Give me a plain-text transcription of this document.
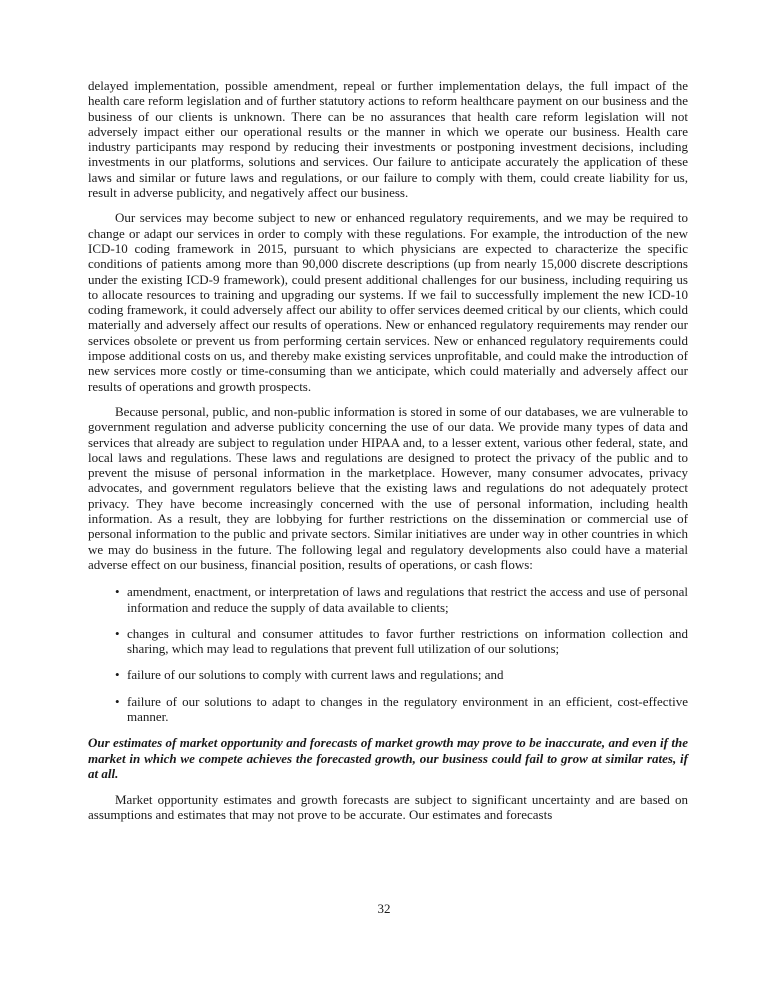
delayed implementation, possible amendment, repeal or further implementation delays, the full impact of the health care reform legislation and of further statutory actions to reform healthcare payment on our business and the business of our clients is unknown. There can be no assurances that health care reform legislation will not adversely impact either our operational results or the manner in which we operate our business. Health care industry participants may respond by reducing their investments or postponing investment decisions, including investments in our platforms, solutions and services. Our failure to anticipate accurately the application of these laws and similar or future laws and regulations, or our failure to comply with them, could create liability for us, result in adverse publicity, and negatively affect our business.

Our services may become subject to new or enhanced regulatory requirements, and we may be required to change or adapt our services in order to comply with these regulations. For example, the introduction of the new ICD-10 coding framework in 2015, pursuant to which physicians are expected to characterize the specific conditions of patients among more than 90,000 discrete descriptions (up from nearly 15,000 discrete descriptions under the existing ICD-9 framework), could present additional challenges for our business, including requiring us to allocate resources to training and upgrading our systems. If we fail to successfully implement the new ICD-10 coding framework, it could adversely affect our ability to offer services deemed critical by our clients, which could materially and adversely affect our results of operations. New or enhanced regulatory requirements may render our services obsolete or prevent us from performing certain services. New or enhanced regulatory requirements could impose additional costs on us, and thereby make existing services unprofitable, and could make the introduction of new services more costly or time-consuming than we anticipate, which could materially and adversely affect our results of operations and growth prospects.

Because personal, public, and non-public information is stored in some of our databases, we are vulnerable to government regulation and adverse publicity concerning the use of our data. We provide many types of data and services that already are subject to regulation under HIPAA and, to a lesser extent, various other federal, state, and local laws and regulations. These laws and regulations are designed to protect the privacy of the public and to prevent the misuse of personal information in the marketplace. However, many consumer advocates, privacy advocates, and government regulators believe that the existing laws and regulations do not adequately protect privacy. They have become increasingly concerned with the use of personal information, including health information. As a result, they are lobbying for further restrictions on the dissemination or commercial use of personal information to the public and private sectors. Similar initiatives are under way in other countries in which we may do business in the future. The following legal and regulatory developments also could have a material adverse effect on our business, financial position, results of operations, or cash flows:

• amendment, enactment, or interpretation of laws and regulations that restrict the access and use of personal information and reduce the supply of data available to clients;
• changes in cultural and consumer attitudes to favor further restrictions on information collection and sharing, which may lead to regulations that prevent full utilization of our solutions;
• failure of our solutions to comply with current laws and regulations; and
• failure of our solutions to adapt to changes in the regulatory environment in an efficient, cost-effective manner.

Our estimates of market opportunity and forecasts of market growth may prove to be inaccurate, and even if the market in which we compete achieves the forecasted growth, our business could fail to grow at similar rates, if at all.

Market opportunity estimates and growth forecasts are subject to significant uncertainty and are based on assumptions and estimates that may not prove to be accurate. Our estimates and forecasts

32
